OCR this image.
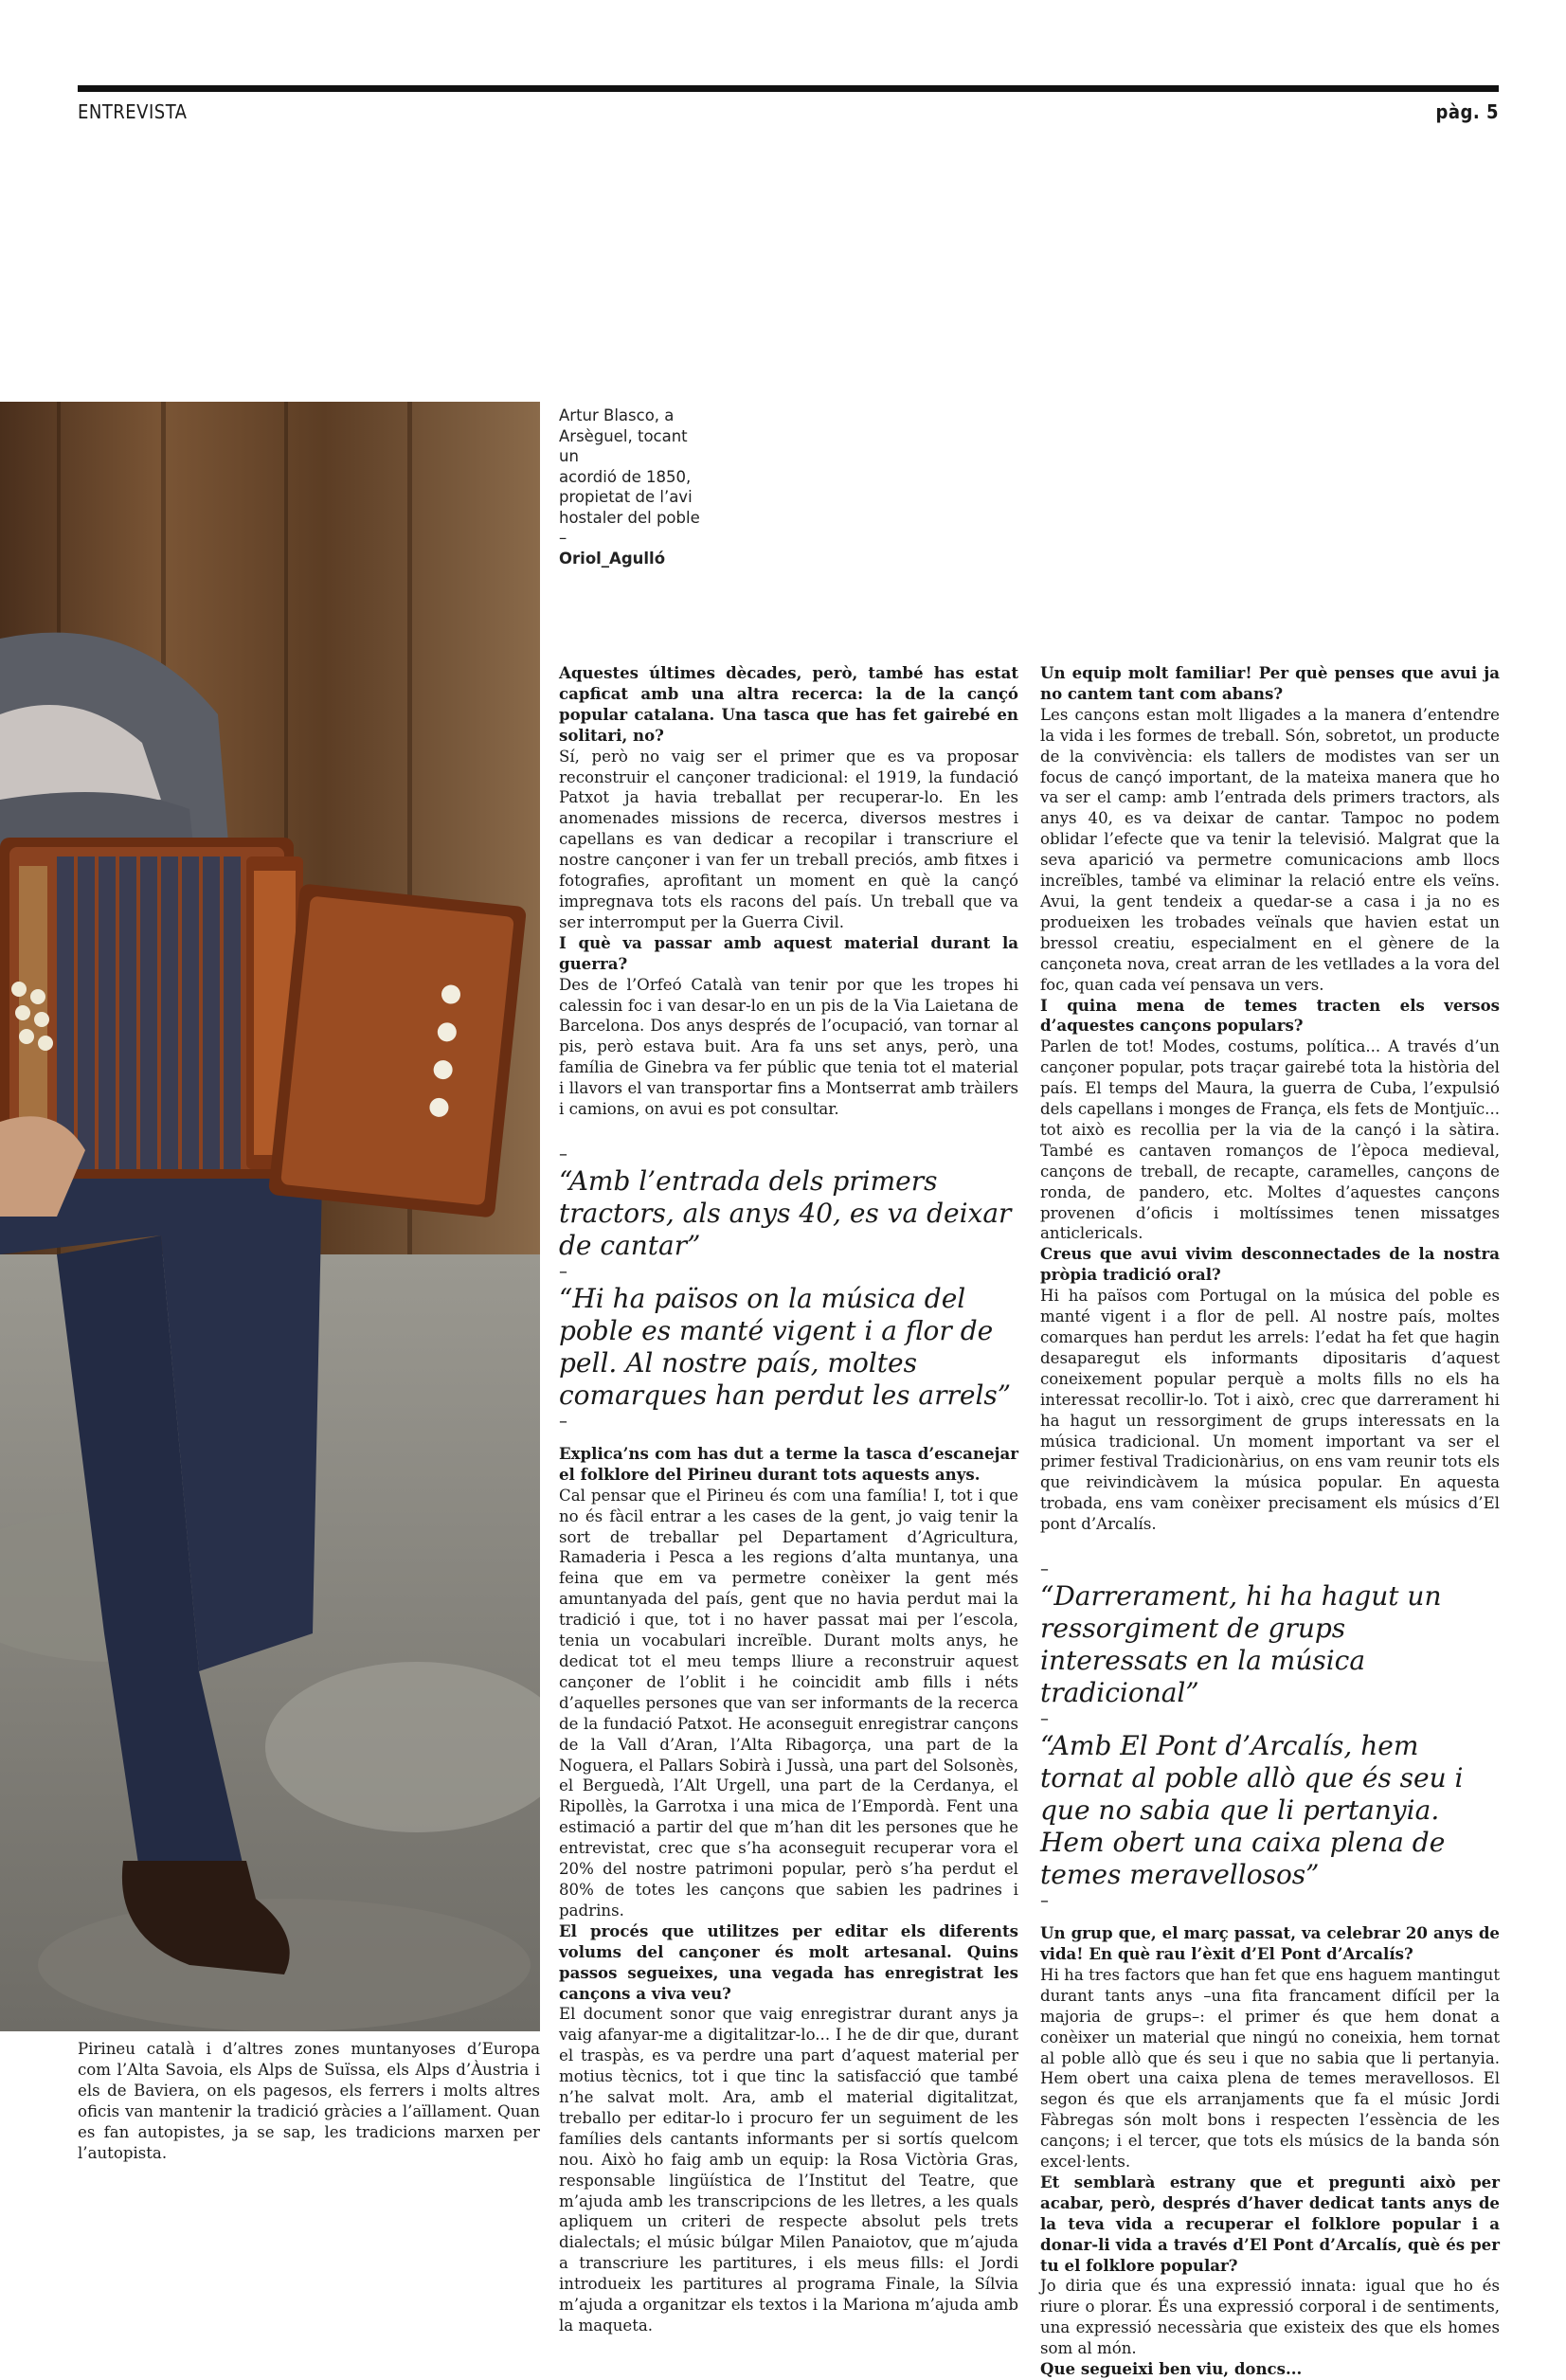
ENTREVISTA	pàg. 5
Artur Blasco, a
Arsèguel, tocant un
acordió de 1850,
propietat de l’avi
hostaler del poble
–
Oriol_Agulló

Aquestes últimes dècades, però, també has estat capficat amb una altra recerca: la de la cançó popular catalana. Una tasca que has fet gairebé en solitari, no?

Sí, però no vaig ser el primer que es va proposar reconstruir el cançoner tradicional: el 1919, la fundació Patxot ja havia treballat per recuperar-lo. En les anomenades missions de recerca, diversos mestres i capellans es van dedicar a recopilar i transcriure el nostre cançoner i van fer un treball preciós, amb fitxes i fotografies, aprofitant un moment en què la cançó impregnava tots els racons del país. Un treball que va ser interromput per la Guerra Civil.

I què va passar amb aquest material durant la guerra?

Des de l’Orfeó Català van tenir por que les tropes hi calessin foc i van desar-lo en un pis de la Via Laietana de Barcelona. Dos anys després de l’ocupació, van tornar al pis, però estava buit. Ara fa uns set anys, però, una família de Ginebra va fer públic que tenia tot el material i llavors el van transportar fins a Montserrat amb tràilers i camions, on avui es pot consultar.

–

“Amb l’entrada dels primers tractors, als anys 40, es va deixar de cantar”

–

“Hi ha països on la música del poble es manté vigent i a flor de pell. Al nostre país, moltes comarques han perdut les arrels”

–

Explica’ns com has dut a terme la tasca d’escanejar el folklore del Pirineu durant tots aquests anys.

Cal pensar que el Pirineu és com una família! I, tot i que no és fàcil entrar a les cases de la gent, jo vaig tenir la sort de treballar pel Departament d’Agricultura, Ramaderia i Pesca a les regions d’alta muntanya, una feina que em va permetre conèixer la gent més amuntanyada del país, gent que no havia perdut mai la tradició i que, tot i no haver passat mai per l’escola, tenia un vocabulari increïble. Durant molts anys, he dedicat tot el meu temps lliure a reconstruir aquest cançoner de l’oblit i he coincidit amb fills i néts d’aquelles persones que van ser informants de la recerca de la fundació Patxot. He aconseguit enregistrar cançons de la Vall d’Aran, l’Alta Ribagorça, una part de la Noguera, el Pallars Sobirà i Jussà, una part del Solsonès, el Berguedà, l’Alt Urgell, una part de la Cerdanya, el Ripollès, la Garrotxa i una mica de l’Empordà. Fent una estimació a partir del que m’han dit les persones que he entrevistat, crec que s’ha aconseguit recuperar vora el 20% del nostre patrimoni popular, però s’ha perdut el 80% de totes les cançons que sabien les padrines i padrins.

El procés que utilitzes per editar els diferents volums del cançoner és molt artesanal. Quins passos segueixes, una vegada has enregistrat les cançons a viva veu?

El document sonor que vaig enregistrar durant anys ja vaig afanyar-me a digitalitzar-lo... I he de dir que, durant el traspàs, es va perdre una part d’aquest material per motius tècnics, tot i que tinc la satisfacció que també n’he salvat molt. Ara, amb el material digitalitzat, treballo per editar-lo i procuro fer un seguiment de les famílies dels cantants informants per si sortís quelcom nou. Això ho faig amb un equip: la Rosa Victòria Gras, responsable lingüística de l’Institut del Teatre, que m’ajuda amb les transcripcions de les lletres, a les quals apliquem un criteri de respecte absolut pels trets dialectals; el músic búlgar Milen Panaiotov, que m’ajuda a transcriure les partitures, i els meus fills: el Jordi introdueix les partitures al programa Finale, la Sílvia m’ajuda a organitzar els textos i la Mariona m’ajuda amb la maqueta.

Un equip molt familiar! Per què penses que avui ja no cantem tant com abans?

Les cançons estan molt lligades a la manera d’entendre la vida i les formes de treball. Són, sobretot, un producte de la convivència: els tallers de modistes van ser un focus de cançó important, de la mateixa manera que ho va ser el camp: amb l’entrada dels primers tractors, als anys 40, es va deixar de cantar. Tampoc no podem oblidar l’efecte que va tenir la televisió. Malgrat que la seva aparició va permetre comunicacions amb llocs increïbles, també va eliminar la relació entre els veïns. Avui, la gent tendeix a quedar-se a casa i ja no es produeixen les trobades veïnals que havien estat un bressol creatiu, especialment en el gènere de la cançoneta nova, creat arran de les vetllades a la vora del foc, quan cada veí pensava un vers.

I quina mena de temes tracten els versos d’aquestes cançons populars?

Parlen de tot! Modes, costums, política... A través d’un cançoner popular, pots traçar gairebé tota la història del país. El temps del Maura, la guerra de Cuba, l’expulsió dels capellans i monges de França, els fets de Montjuïc... tot això es recollia per la via de la cançó i la sàtira. També es cantaven romanços de l’època medieval, cançons de treball, de recapte, caramelles, cançons de ronda, de pandero, etc. Moltes d’aquestes cançons provenen d’oficis i moltíssimes tenen missatges anticlericals.

Creus que avui vivim desconnectades de la nostra pròpia tradició oral?

Hi ha països com Portugal on la música del poble es manté vigent i a flor de pell. Al nostre país, moltes comarques han perdut les arrels: l’edat ha fet que hagin desaparegut els informants dipositaris d’aquest coneixement popular perquè a molts fills no els ha interessat recollir-lo. Tot i això, crec que darrerament hi ha hagut un ressorgiment de grups interessats en la música tradicional. Un moment important va ser el primer festival Tradicionàrius, on ens vam reunir tots els que reivindicàvem la música popular. En aquesta trobada, ens vam conèixer precisament els músics d’El pont d’Arcalís.

–

“Darrerament, hi ha hagut un ressorgiment de grups interessats en la música tradicional”

–

“Amb El Pont d’Arcalís, hem tornat al poble allò que és seu i que no sabia que li pertanyia. Hem obert una caixa plena de temes meravellosos”

–

Un grup que, el març passat, va celebrar 20 anys de vida! En què rau l’èxit d’El Pont d’Arcalís?

Hi ha tres factors que han fet que ens haguem mantingut durant tants anys –una fita francament difícil per la majoria de grups–: el primer és que hem donat a conèixer un material que ningú no coneixia, hem tornat al poble allò que és seu i que no sabia que li pertanyia. Hem obert una caixa plena de temes meravellosos. El segon és que els arranjaments que fa el músic Jordi Fàbregas són molt bons i respecten l’essència de les cançons; i el tercer, que tots els músics de la banda són excel·lents.

Et semblarà estrany que et pregunti això per acabar, però, després d’haver dedicat tants anys de la teva vida a recuperar el folklore popular i a donar-li vida a través d’El Pont d’Arcalís, què és per tu el folklore popular?

Jo diria que és una expressió innata: igual que ho és riure o plorar. És una expressió corporal i de sentiments, una expressió necessària que existeix des que els homes som al món.

Que segueixi ben viu, doncs...

Pirineu català i d’altres zones muntanyoses d’Europa com l’Alta Savoia, els Alps de Suïssa, els Alps d’Àustria i els de Baviera, on els pagesos, els ferrers i molts altres oficis van mantenir la tradició gràcies a l’aïllament. Quan es fan autopistes, ja se sap, les tradicions marxen per l’autopista.
